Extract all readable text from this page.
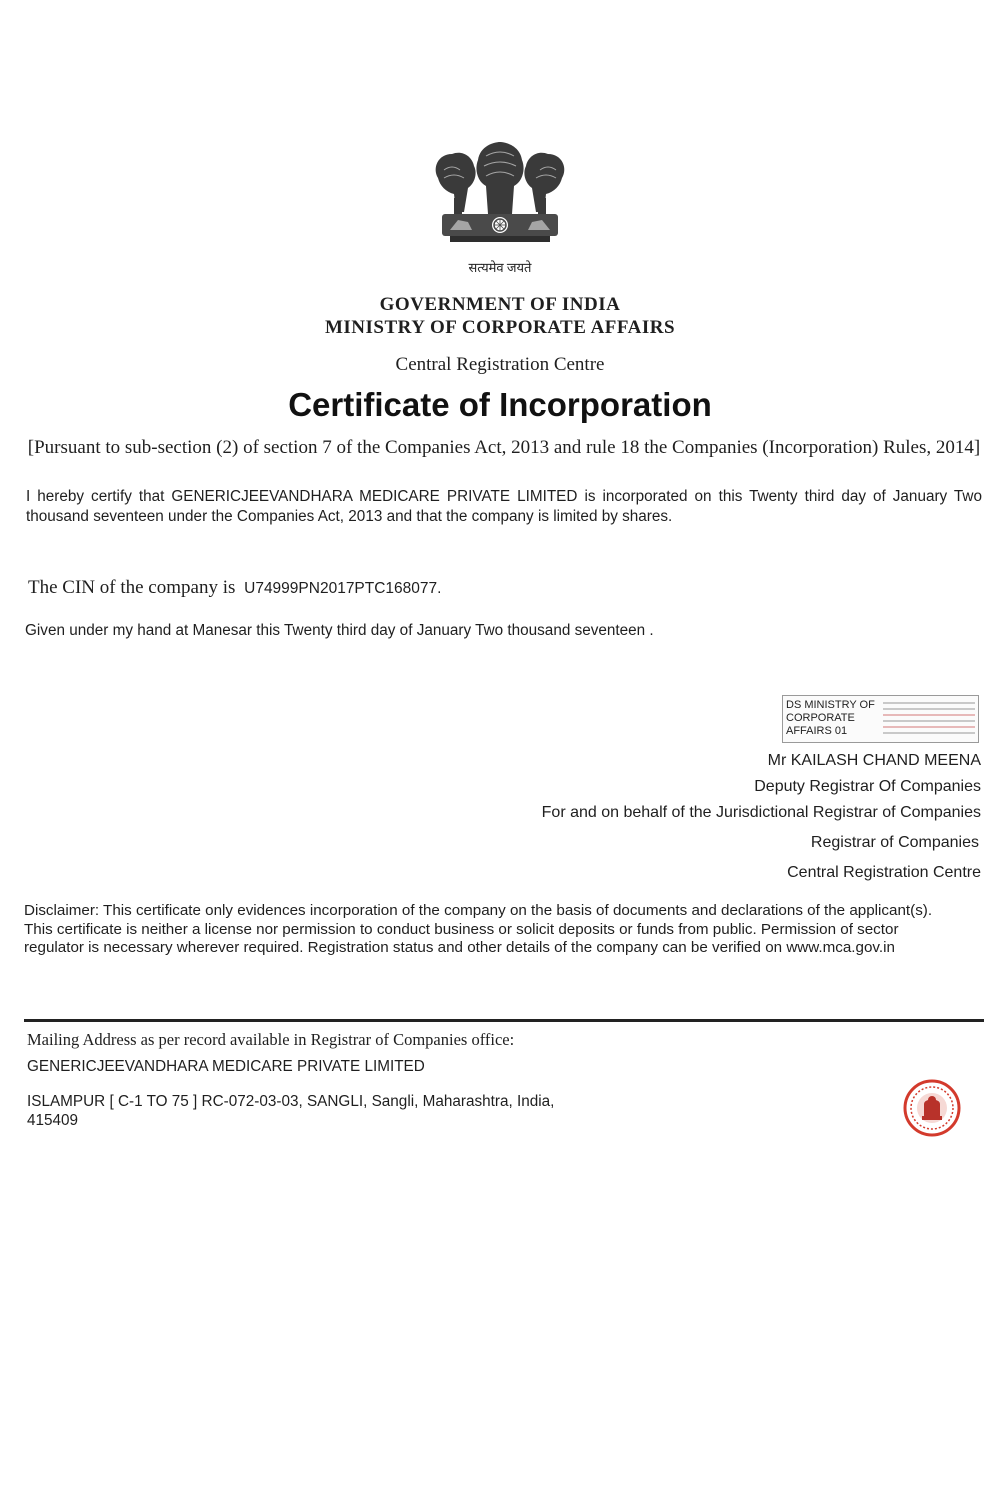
सत्यमेव जयते
GOVERNMENT OF INDIA
MINISTRY OF CORPORATE AFFAIRS
Central Registration Centre
Certificate of Incorporation
[Pursuant to sub-section (2) of section 7 of the Companies Act, 2013 and rule 18 the Companies (Incorporation) Rules, 2014]
I hereby certify that GENERICJEEVANDHARA MEDICARE PRIVATE LIMITED is incorporated on this Twenty third day of January Two thousand seventeen under the Companies Act, 2013 and that the company is limited by shares.
The CIN of the company is U74999PN2017PTC168077.
Given under my hand at Manesar this Twenty third day of January Two thousand seventeen .
DS MINISTRY OF CORPORATE AFFAIRS 01
Mr KAILASH CHAND MEENA
Deputy Registrar Of Companies
For and on behalf of the Jurisdictional Registrar of Companies
Registrar of Companies
Central Registration Centre
Disclaimer: This certificate only evidences incorporation of the company on the basis of documents and declarations of the applicant(s). This certificate is neither a license nor permission to conduct business or solicit deposits or funds from public. Permission of sector regulator is necessary wherever required. Registration status and other details of the company can be verified on www.mca.gov.in
Mailing Address as per record available in Registrar of Companies office:
GENERICJEEVANDHARA MEDICARE PRIVATE LIMITED
ISLAMPUR [ C-1 TO 75 ] RC-072-03-03, SANGLI, Sangli, Maharashtra, India, 415409
